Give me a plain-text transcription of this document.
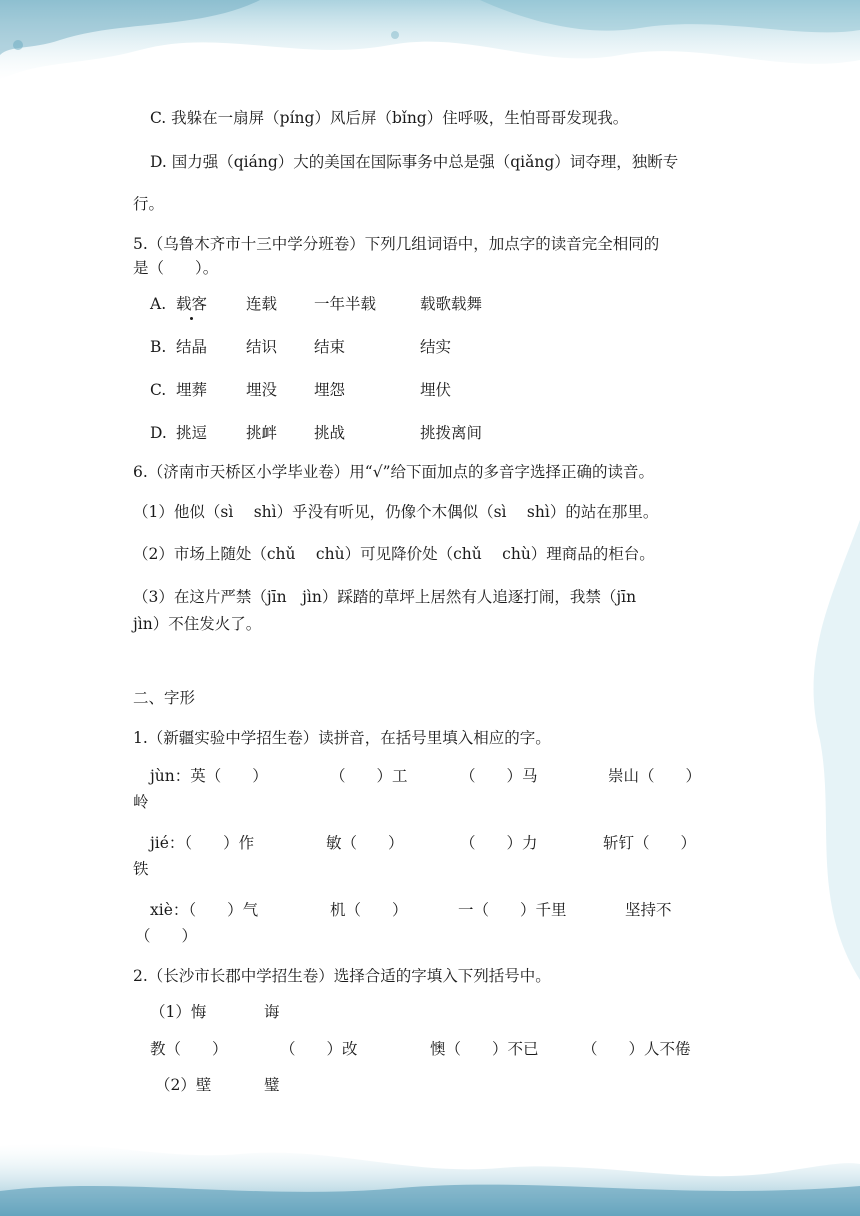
C. 我躲在一扇屏（píng）风后屏（bǐng）住呼吸，生怕哥哥发现我。
D. 国力强（qiáng）大的美国在国际事务中总是强（qiǎng）词夺理，独断专
行。
5.（乌鲁木齐市十三中学分班卷）下列几组词语中，加点字的读音完全相同的
是（　　）。
A. 载客	连载 一年半载	载歌载舞
B. 结晶	结识 结束	结实
C. 埋葬	埋没 埋怨	埋伏
D. 挑逗	挑衅 挑战	挑拨离间
6.（济南市天桥区小学毕业卷）用“√”给下面加点的多音字选择正确的读音。
（1）他似（sì　 shì）乎没有听见，仍像个木偶似（sì　 shì）的站在那里。
（2）市场上随处（chǔ　 chù）可见降价处（chǔ　 chù）理商品的柜台。
（3）在这片严禁（jīn　jìn）踩踏的草坪上居然有人追逐打闹，我禁（jīn
jìn）不住发火了。
二、字形
1.（新疆实验中学招生卷）读拼音，在括号里填入相应的字。
jùn：英（　　）	（　　）工	（　　）马	崇山（　　）
岭
jié：（　　）作	敏（　　）	（　　）力	斩钉（　　）
铁
xiè：（　　）气	机（　　）	一（　　）千里	坚持不
（　　）
2.（长沙市长郡中学招生卷）选择合适的字填入下列括号中。
（1）悔	诲
教（　　）	（　　）改	懊（　　）不已	（　　）人不倦
（2）壁	璧
